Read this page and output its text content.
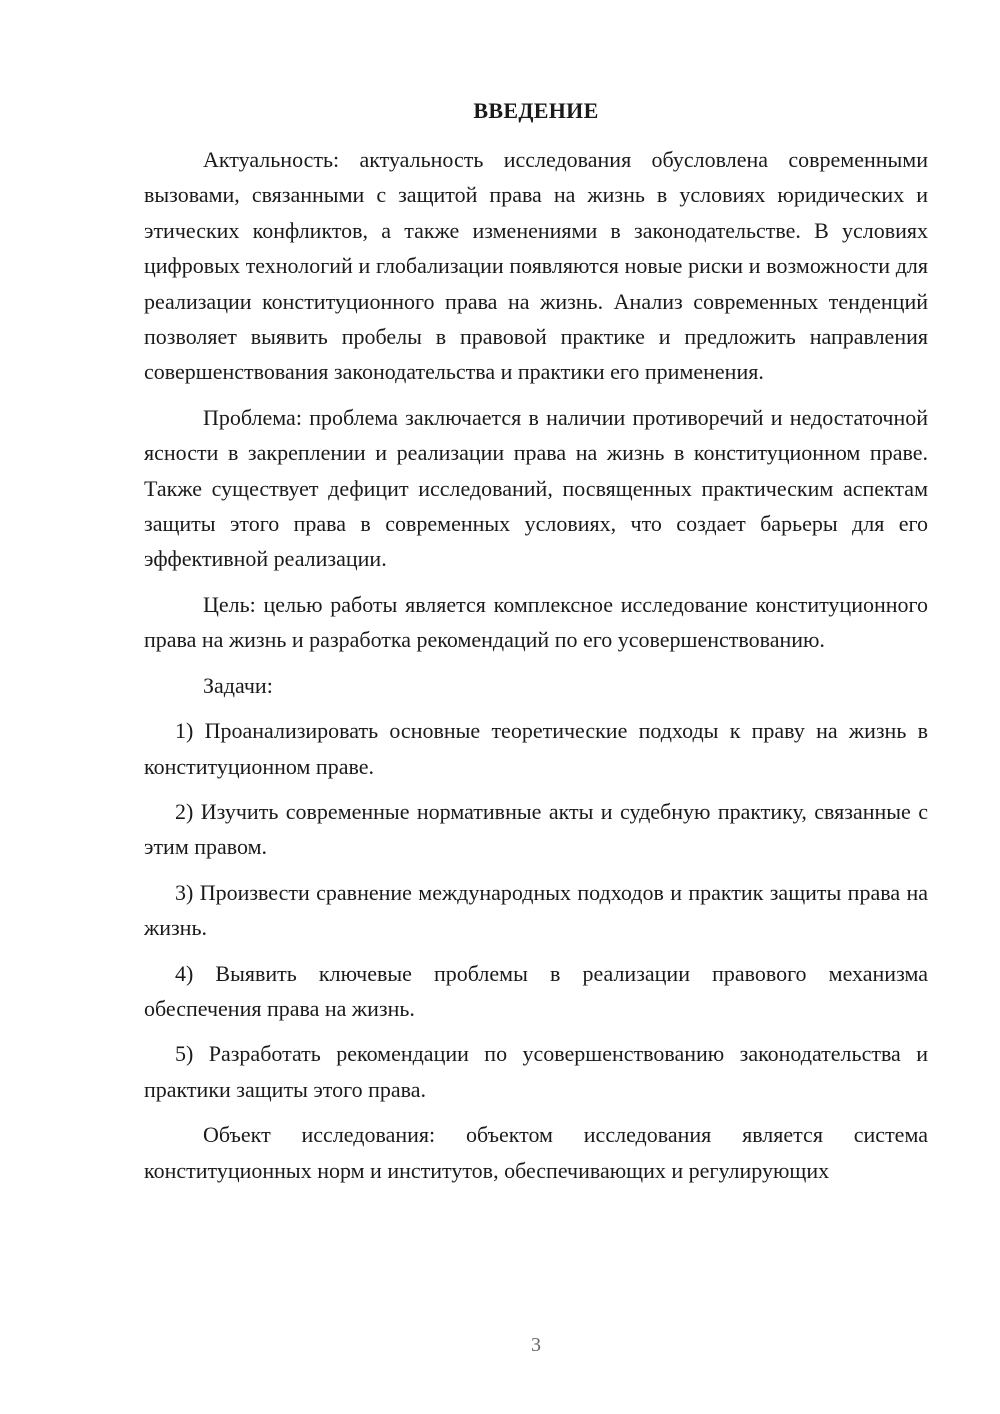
ВВЕДЕНИЕ

Актуальность: актуальность исследования обусловлена современными вызовами, связанными с защитой права на жизнь в условиях юридических и этических конфликтов, а также изменениями в законодательстве. В условиях цифровых технологий и глобализации появляются новые риски и возможности для реализации конституционного права на жизнь. Анализ современных тенденций позволяет выявить пробелы в правовой практике и предложить направления совершенствования законодательства и практики его применения.

Проблема: проблема заключается в наличии противоречий и недостаточной ясности в закреплении и реализации права на жизнь в конституционном праве. Также существует дефицит исследований, посвященных практическим аспектам защиты этого права в современных условиях, что создает барьеры для его эффективной реализации.

Цель: целью работы является комплексное исследование конституционного права на жизнь и разработка рекомендаций по его усовершенствованию.

Задачи:

1) Проанализировать основные теоретические подходы к праву на жизнь в конституционном праве.

2) Изучить современные нормативные акты и судебную практику, связанные с этим правом.

3) Произвести сравнение международных подходов и практик защиты права на жизнь.

4) Выявить ключевые проблемы в реализации правового механизма обеспечения права на жизнь.

5) Разработать рекомендации по усовершенствованию законодательства и практики защиты этого права.

Объект исследования: объектом исследования является система конституционных норм и институтов, обеспечивающих и регулирующих

3
